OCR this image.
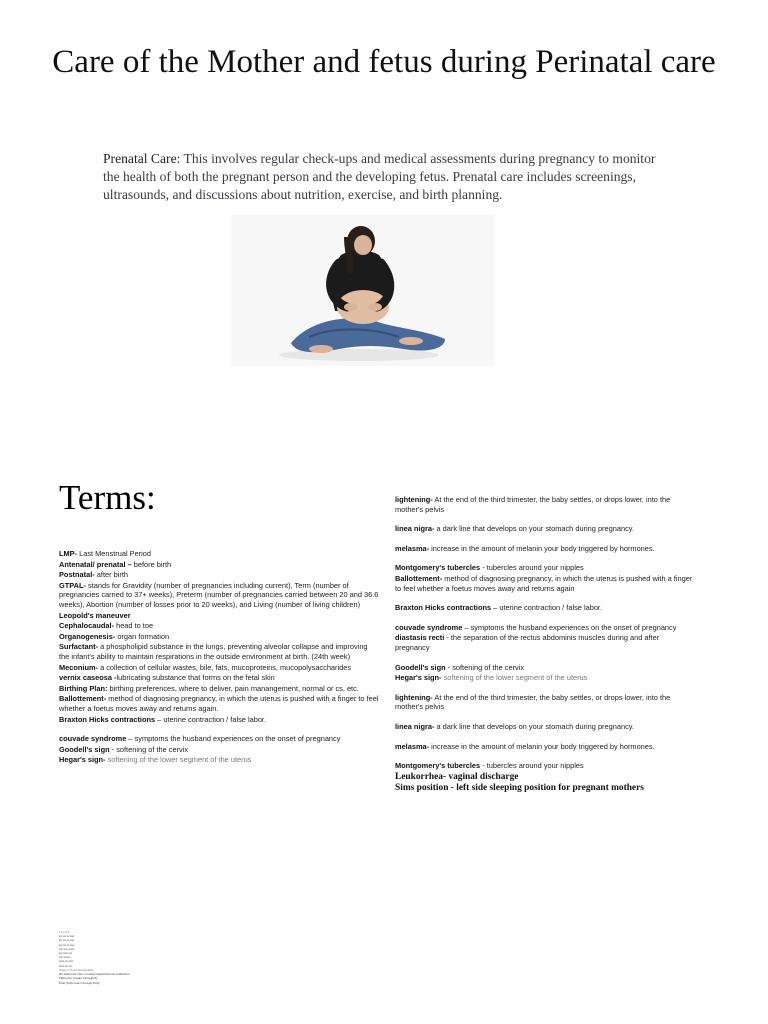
Care of the Mother and fetus during Perinatal care

Prenatal Care: This involves regular check-ups and medical assessments during pregnancy to monitor the health of both the pregnant person and the developing fetus. Prenatal care includes screenings, ultrasounds, and discussions about nutrition, exercise, and birth planning.

Terms:
LMP- Last Menstrual Period
Antenatal/ prenatal – before birth
Postnatal- after birth
GTPAL- stands for Gravidity (number of pregnancies including current), Term (number of pregnancies carried to 37+ weeks), Preterm (number of pregnancies carried between 20 and 36.6 weeks), Abortion (number of losses prior to 20 weeks), and Living (number of living children)
Leopold's maneuver
Cephalocaudal- head to toe
Organogenesis- organ formation
Surfactant- a phospholipid substance in the lungs, preventing alveolar collapse and improving the infant's ability to maintain respirations in the outside environment at birth. (24th week)
Meconium- a collection of cellular wastes, bile, fats, mucoproteins, mucopolysaccharides
vernix caseosa -lubricating substance that forms on the fetal skin
Birthing Plan: birthing preferences, where to deliver, pain manangement, normal or cs, etc.
Ballottement- method of diagnosing pregnancy, in which the uterus is pushed with a finger to feel whether a foetus moves away and returns again.
Braxton Hicks contractions – uterine contraction / false labor.
couvade syndrome – symptoms the husband experiences on the onset of pregnancy
Goodell's sign - softening of the cervix
Hegar's sign- softening of the lower segment of the uterus
lightening- At the end of the third trimester, the baby settles, or drops lower, into the mother's pelvis
linea nigra- a dark line that develops on your stomach during pregnancy.
melasma- increase in the amount of melanin your body triggered by hormones.
Montgomery's tubercles - tubercles around your nipples
Ballottement- method of diagnosing pregnancy, in which the uterus is pushed with a finger to feel whether a foetus moves away and returns again
Braxton Hicks contractions – uterine contraction / false labor.
couvade syndrome – symptoms the husband experiences on the onset of pregnancy
diastasis recti - the separation of the rectus abdominis muscles during and after pregnancy
Goodell's sign - softening of the cervix
Hegar's sign- softening of the lower segment of the uterus
lightening- At the end of the third trimester, the baby settles, or drops lower, into the mother's pelvis
linea nigra- a dark line that develops on your stomach during pregnancy.
melasma- increase in the amount of melanin your body triggered by hormones.
Montgomery's tubercles - tubercles around your nipples
Leukorrhea- vaginal discharge
Sims position - left side sleeping position for pregnant mothers
▪ ▪ ▪ ▪ ▪ ▪
▪▪▪ ▪▪▪ ▪▪ ▪▪▪▪
▪▪▪ ▪▪▪ ▪▪ ▪▪▪▪
▪▪▪ ▪▪▪ ▪▪ ▪▪▪▪
▪▪▪▪ ▪▪▪▪ ▪▪▪▪▪
▪▪▪ ▪▪▪▪▪ ▪▪▪
▪▪▪▪ ▪▪▪▪▪▪
▪▪▪▪▪ ▪▪▪ ▪▪▪▪
▪▪▪▪▪ ▪▪▪ ▪▪▪
Stages of Fetal Development
Pre-embryonic (first 2 weeks): implantation & fertilization
Embryonic (weeks 3 through 8)
Fetal (from week 9 through birth)
